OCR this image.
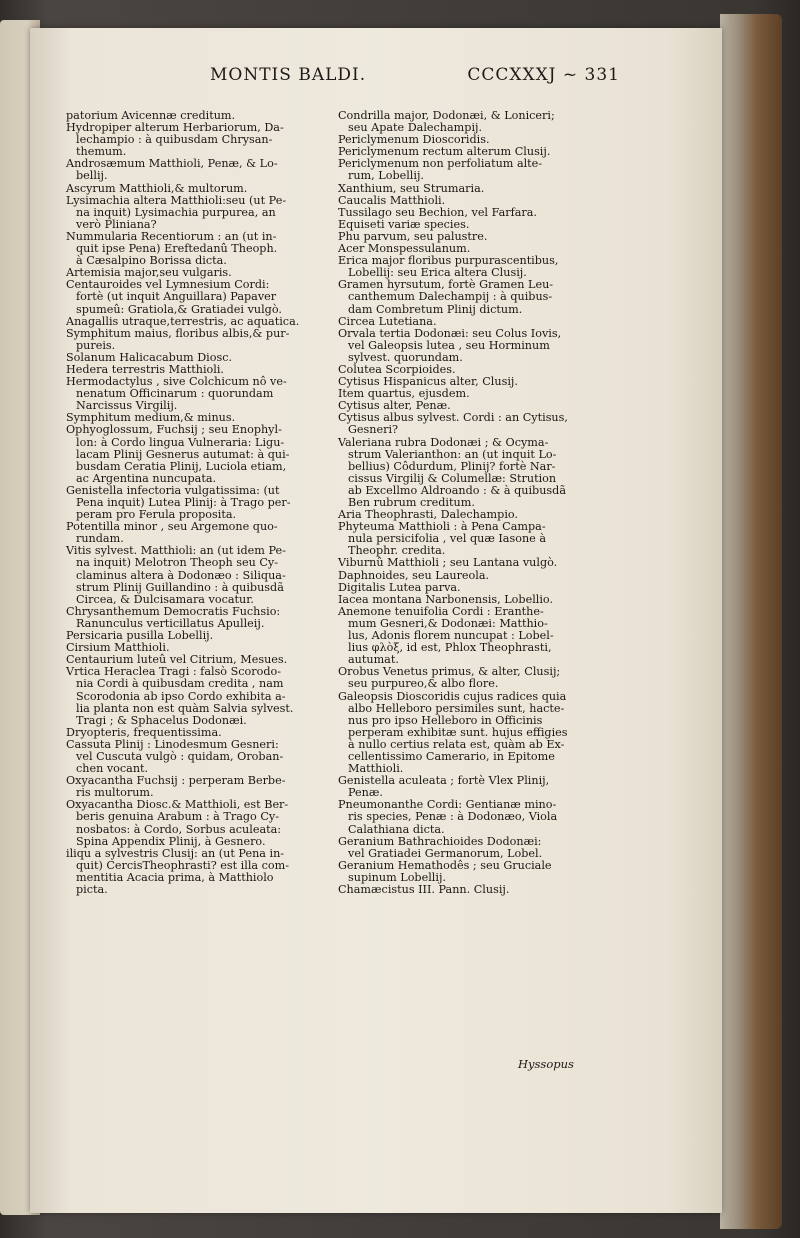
MONTIS BALDI.	CCCXXXJ ~ 331
patorium Avicennæ creditum.
Hydropiper alterum Herbariorum, Da-
lechampio : à quibusdam Chrysan-
themum.
Androsæmum Matthioli, Penæ, & Lo-
bellij.
Ascyrum Matthioli,& multorum.
Lysimachia altera Matthioli:seu (ut Pe-
na inquit) Lysimachia purpurea, an
verò Pliniana?
Nummularia Recentiorum : an (ut in-
quit ipse Pena) Ereftedanû Theoph.
à Cæsalpino Borissa dicta.
Artemisia major,seu vulgaris.
Centauroides vel Lymnesium Cordi:
fortè (ut inquit Anguillara) Papaver
spumeû: Gratiola,& Gratiadei vulgò.
Anagallis utraque,terrestris, ac aquatica.
Symphitum maius, floribus albis,& pur-
pureis.
Solanum Halicacabum Diosc.
Hedera terrestris Matthioli.
Hermodactylus , sive Colchicum nô ve-
nenatum Officinarum : quorundam
Narcissus Virgilij.
Symphitum medium,& minus.
Ophyoglossum, Fuchsij ; seu Enophyl-
lon: à Cordo lingua Vulneraria: Ligu-
lacam Plinij Gesnerus autumat: à qui-
busdam Ceratia Plinij, Luciola etiam,
ac Argentina nuncupata.
Genistella infectoria vulgatissima: (ut
Pena inquit) Lutea Plinij: à Trago per-
peram pro Ferula proposita.
Potentilla minor , seu Argemone quo-
rundam.
Vitis sylvest. Matthioli: an (ut idem Pe-
na inquit) Melotron Theoph seu Cy-
claminus altera à Dodonæo : Siliqua-
strum Plinij Guillandino : à quibusdã
Circea, & Dulcisamara vocatur.
Chrysanthemum Democratis Fuchsio:
Ranunculus verticillatus Apulleij.
Persicaria pusilla Lobellij.
Cirsium Matthioli.
Centaurium luteû vel Citrium, Mesues.
Vrtica Heraclea Tragi : falsò Scorodo-
nia Cordi à quibusdam credita , nam
Scorodonia ab ipso Cordo exhibita a-
lia planta non est quàm Salvia sylvest.
Tragi ; & Sphacelus Dodonæi.
Dryopteris, frequentissima.
Cassuta Plinij : Linodesmum Gesneri:
vel Cuscuta vulgò : quidam, Oroban-
chen vocant.
Oxyacantha Fuchsij : perperam Berbe-
ris multorum.
Oxyacantha Diosc.& Matthioli, est Ber-
beris genuina Arabum : à Trago Cy-
nosbatos: à Cordo, Sorbus aculeata:
Spina Appendix Plinij, à Gesnero.
iliqu a sylvestris Clusij: an (ut Pena in-
quit) CercisTheophrasti? est illa com-
mentitia Acacia prima, à Matthiolo
picta.
Condrilla major, Dodonæi, & Loniceri;
seu Apate Dalechampij.
Periclymenum Dioscoridis.
Periclymenum rectum alterum Clusij.
Periclymenum non perfoliatum alte-
rum, Lobellij.
Xanthium, seu Strumaria.
Caucalis Matthioli.
Tussilago seu Bechion, vel Farfara.
Equiseti variæ species.
Phu parvum, seu palustre.
Acer Monspessulanum.
Erica major floribus purpurascentibus,
Lobellij: seu Erica altera Clusij.
Gramen hyrsutum, fortè Gramen Leu-
canthemum Dalechampij : à quibus-
dam Combretum Plinij dictum.
Circea Lutetiana.
Orvala tertia Dodonæi: seu Colus Iovis,
vel Galeopsis lutea , seu Horminum
sylvest. quorundam.
Colutea Scorpioides.
Cytisus Hispanicus alter, Clusij.
Item quartus, ejusdem.
Cytisus alter, Penæ.
Cytisus albus sylvest. Cordi : an Cytisus,
Gesneri?
Valeriana rubra Dodonæi ; & Ocyma-
strum Valerianthon: an (ut inquit Lo-
bellius) Côdurdum, Plinij? fortè Nar-
cissus Virgilij & Columellæ: Strution
ab Excellmo Aldroando : & à quibusdã
Ben rubrum creditum.
Aria Theophrasti, Dalechampio.
Phyteuma Matthioli : à Pena Campa-
nula persicifolia , vel quæ Iasone à
Theophr. credita.
Viburnû Matthioli ; seu Lantana vulgò.
Daphnoides, seu Laureola.
Digitalis Lutea parva.
Iacea montana Narbonensis, Lobellio.
Anemone tenuifolia Cordi : Eranthe-
mum Gesneri,& Dodonæi: Matthio-
lus, Adonis florem nuncupat : Lobel-
lius φλὸξ, id est, Phlox Theophrasti,
autumat.
Orobus Venetus primus, & alter, Clusij;
seu purpureo,& albo flore.
Galeopsis Dioscoridis cujus radices quia
albo Helleboro persimiles sunt, hacte-
nus pro ipso Helleboro in Officinis
perperam exhibitæ sunt. hujus effigies
à nullo certius relata est, quàm ab Ex-
cellentissimo Camerario, in Epitome
Matthioli.
Genistella aculeata ; fortè Vlex Plinij,
Penæ.
Pneumonanthe Cordi: Gentianæ mino-
ris species, Penæ : à Dodonæo, Viola
Calathiana dicta.
Geranium Bathrachioides Dodonæi:
vel Gratiadei Germanorum, Lobel.
Geranium Hemathodês ; seu Gruciale
supinum Lobellij.
Chamæcistus III. Pann. Clusij.
Hyssopus
